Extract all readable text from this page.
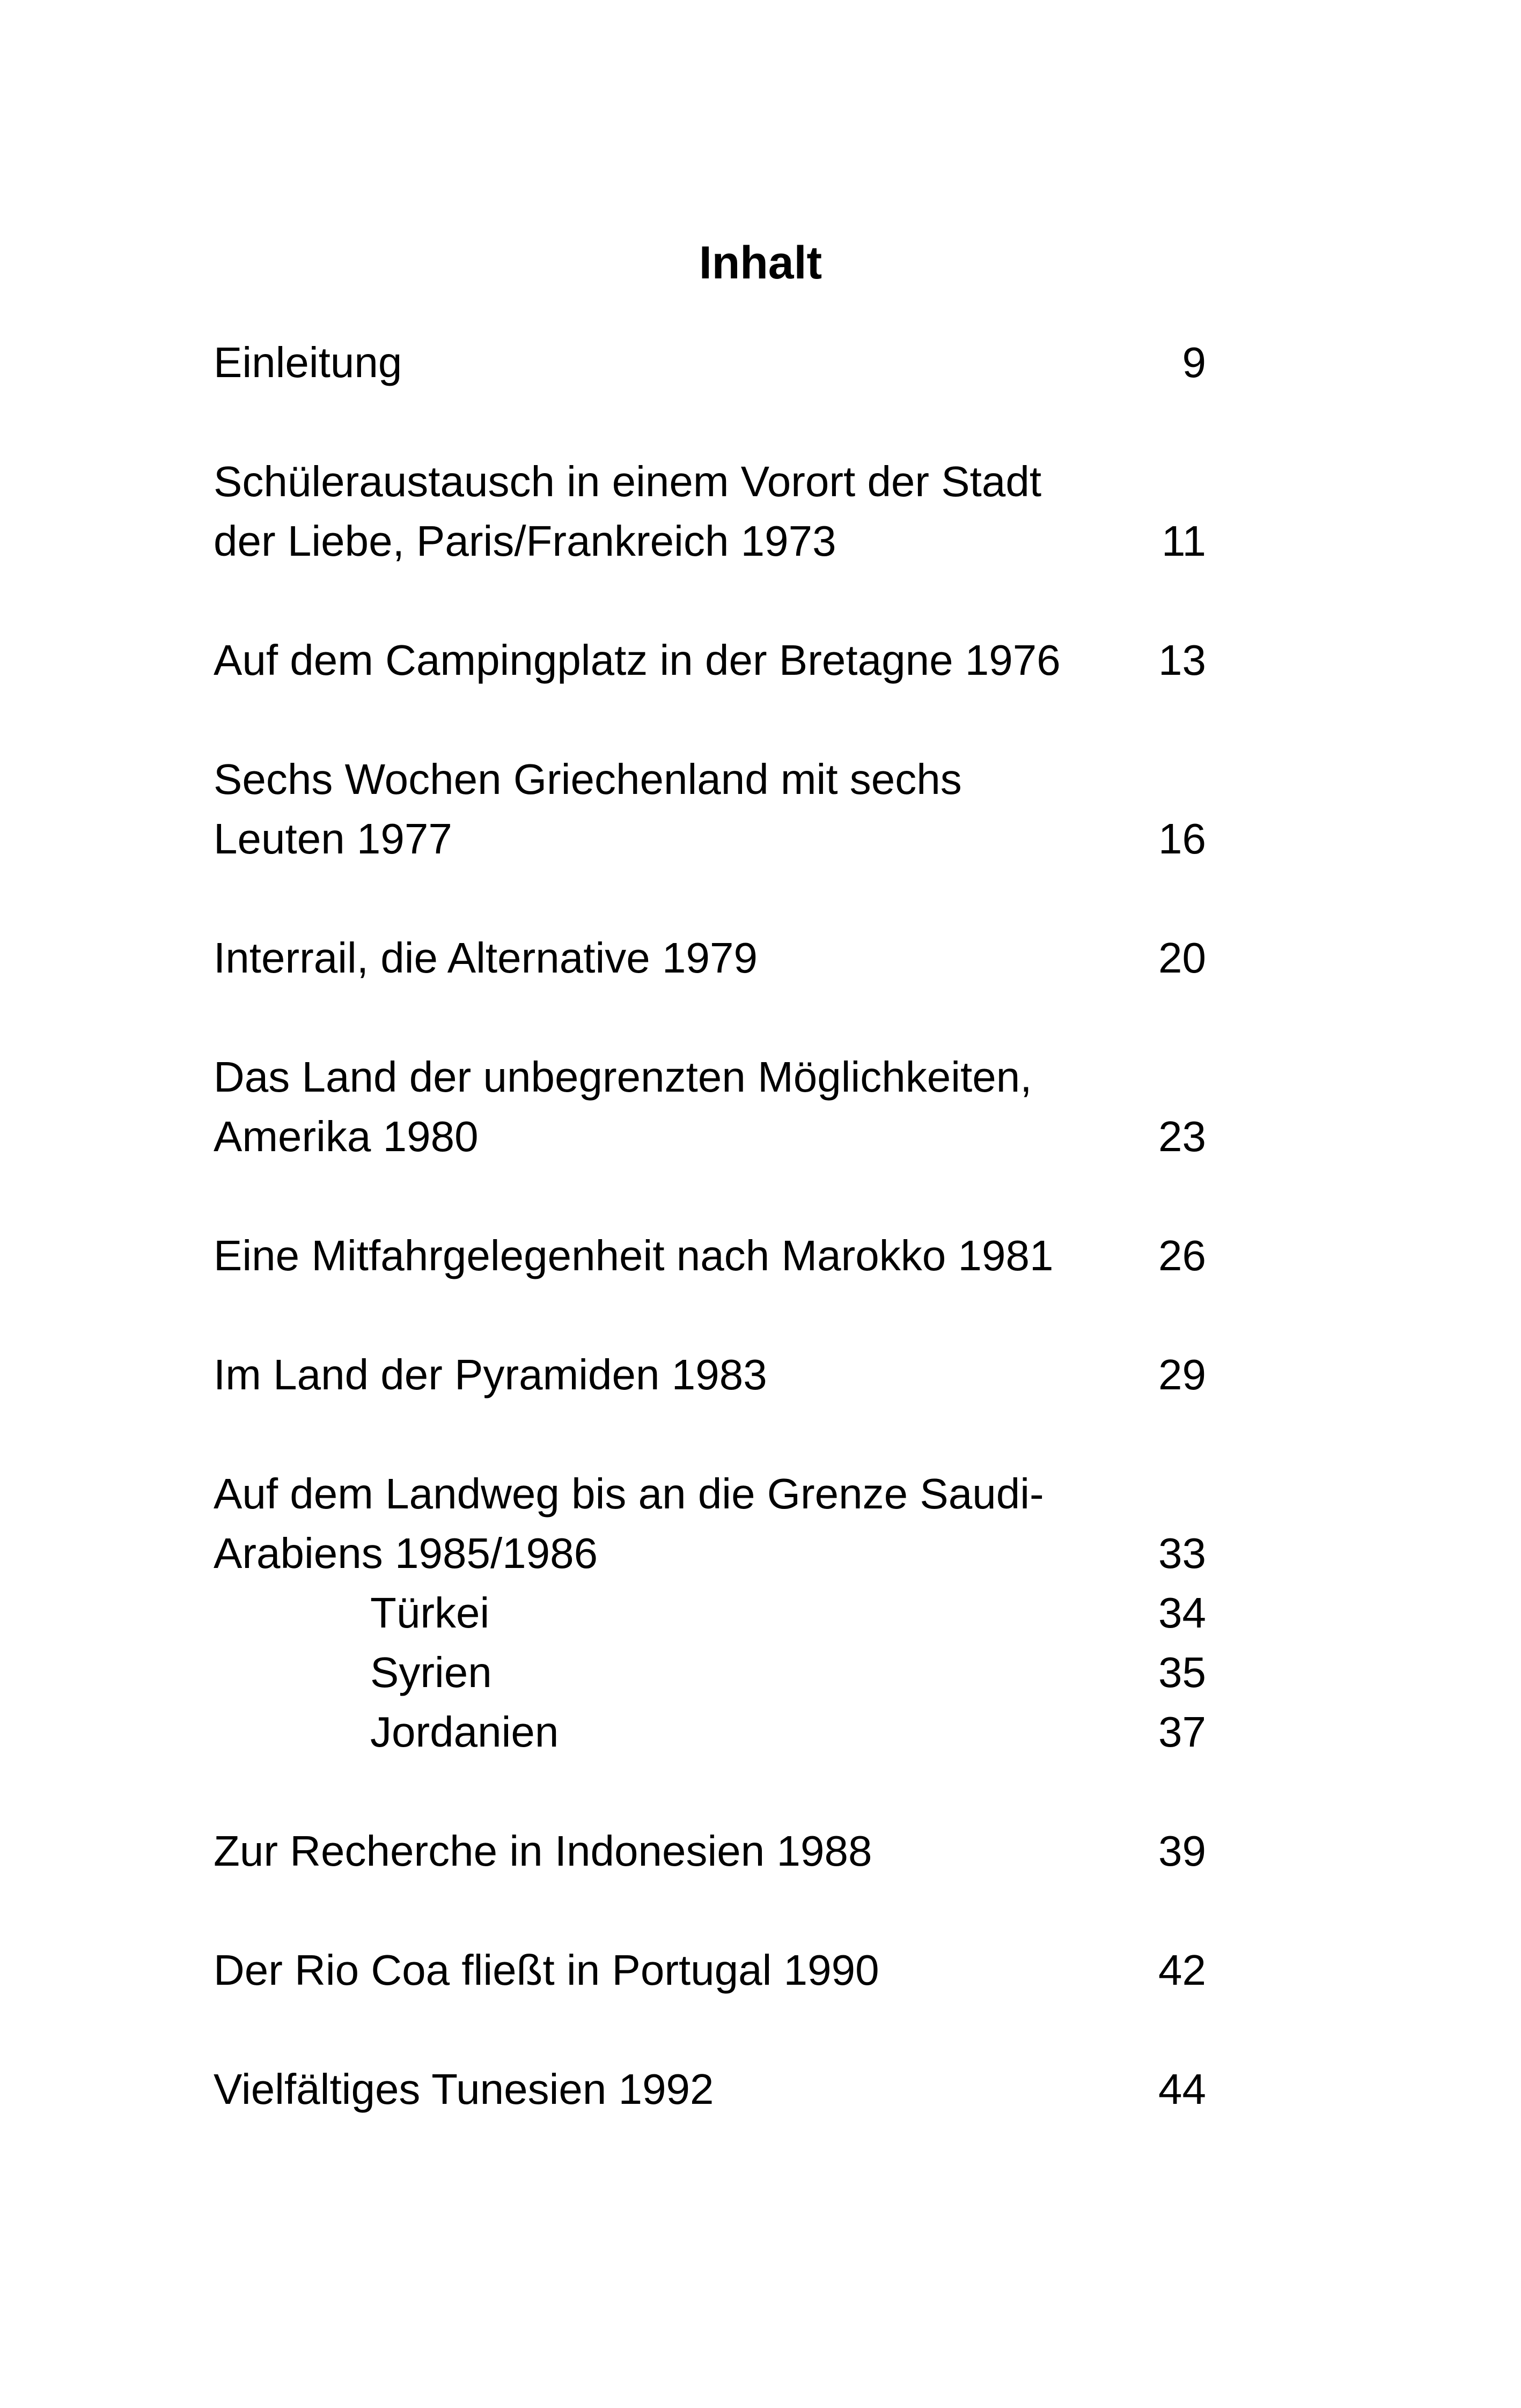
Inhalt
Einleitung	9
Schüleraustausch in einem Vorort der Stadt
der Liebe, Paris/Frankreich 1973	11
Auf dem Campingplatz in der Bretagne 1976	13
Sechs Wochen Griechenland mit sechs
Leuten 1977	16
Interrail, die Alternative 1979	20
Das Land der unbegrenzten Möglichkeiten,
Amerika 1980	23
Eine Mitfahrgelegenheit nach Marokko 1981	26
Im Land der Pyramiden 1983	29
Auf dem Landweg bis an die Grenze Saudi-
Arabiens 1985/1986	33
Türkei	34
Syrien	35
Jordanien	37
Zur Recherche in Indonesien 1988	39
Der Rio Coa fließt in Portugal 1990	42
Vielfältiges Tunesien 1992	44
